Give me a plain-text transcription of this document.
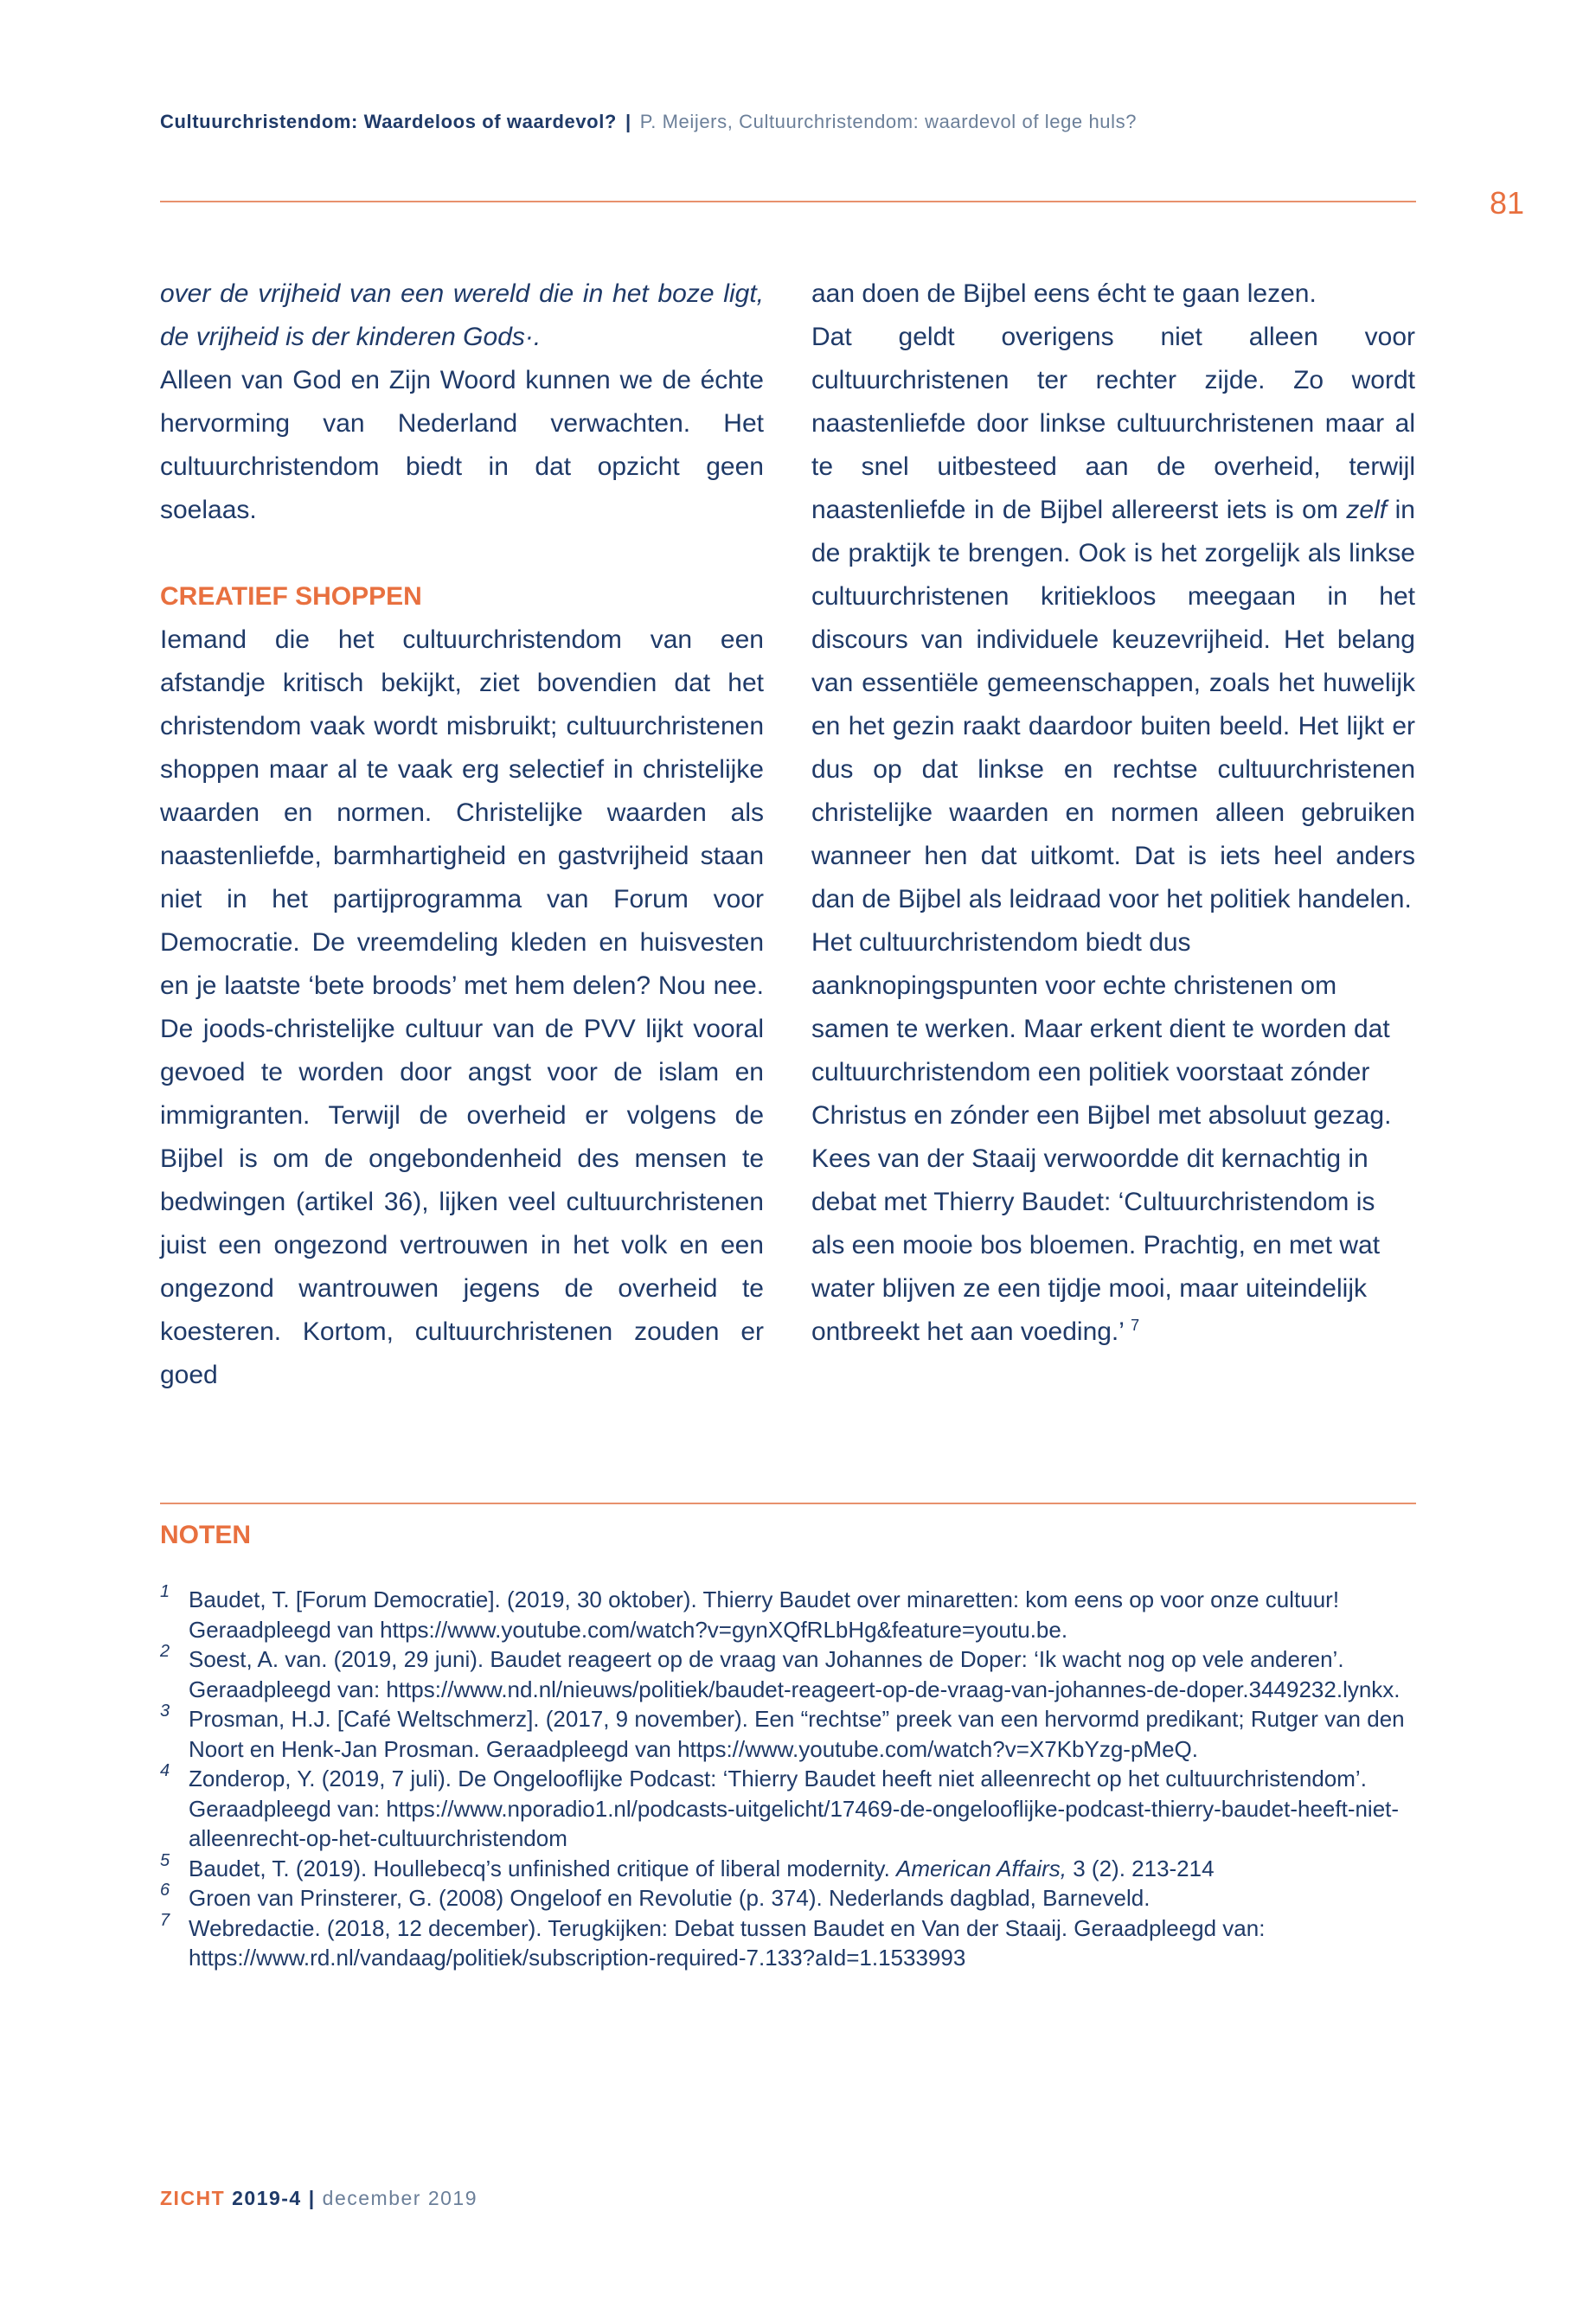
Cultuurchristendom: Waardeloos of waardevol? | P. Meijers, Cultuurchristendom: waardevol of lege huls?
81

over de vrijheid van een wereld die in het boze ligt, de vrijheid is der kinderen Gods·.

Alleen van God en Zijn Woord kunnen we de échte hervorming van Nederland verwachten. Het cultuurchristendom biedt in dat opzicht geen soelaas.

CREATIEF SHOPPEN

Iemand die het cultuurchristendom van een afstandje kritisch bekijkt, ziet bovendien dat het christendom vaak wordt misbruikt; cultuurchristenen shoppen maar al te vaak erg selectief in christelijke waarden en normen. Christelijke waarden als naastenliefde, barmhartigheid en gastvrijheid staan niet in het partijprogramma van Forum voor Democratie. De vreemdeling kleden en huisvesten en je laatste ‘bete broods’ met hem delen? Nou nee. De joods-christelijke cultuur van de PVV lijkt vooral gevoed te worden door angst voor de islam en immigranten. Terwijl de overheid er volgens de Bijbel is om de ongebondenheid des mensen te bedwingen (artikel 36), lijken veel cultuurchristenen juist een ongezond vertrouwen in het volk en een ongezond wantrouwen jegens de overheid te koesteren. Kortom, cultuurchristenen zouden er goed

aan doen de Bijbel eens écht te gaan lezen.

Dat geldt overigens niet alleen voor cultuurchristenen ter rechter zijde. Zo wordt naastenliefde door linkse cultuurchristenen maar al te snel uitbesteed aan de overheid, terwijl naastenliefde in de Bijbel allereerst iets is om zelf in de praktijk te brengen. Ook is het zorgelijk als linkse cultuurchristenen kritiekloos meegaan in het discours van individuele keuzevrijheid. Het belang van essentiële gemeenschappen, zoals het huwelijk en het gezin raakt daardoor buiten beeld. Het lijkt er dus op dat linkse en rechtse cultuurchristenen christelijke waarden en normen alleen gebruiken wanneer hen dat uitkomt. Dat is iets heel anders dan de Bijbel als leidraad voor het politiek handelen.

Het cultuurchristendom biedt dus aanknopingspunten voor echte christenen om samen te werken. Maar erkent dient te worden dat cultuurchristendom een politiek voorstaat zónder Christus en zónder een Bijbel met absoluut gezag. Kees van der Staaij verwoordde dit kernachtig in debat met Thierry Baudet: ‘Cultuurchristendom is als een mooie bos bloemen. Prachtig, en met wat water blijven ze een tijdje mooi, maar uiteindelijk ontbreekt het aan voeding.’ $^7$

NOTEN
1 Baudet, T. [Forum Democratie]. (2019, 30 oktober). Thierry Baudet over minaretten: kom eens op voor onze cultuur! Geraadpleegd van https://www.youtube.com/watch?v=gynXQfRLbHg&feature=youtu.be.
2 Soest, A. van. (2019, 29 juni). Baudet reageert op de vraag van Johannes de Doper: ‘Ik wacht nog op vele anderen’. Geraadpleegd van: https://www.nd.nl/nieuws/politiek/baudet-reageert-op-de-vraag-van-johannes-de-doper.3449232.lynkx.
3 Prosman, H.J. [Café Weltschmerz]. (2017, 9 november). Een “rechtse” preek van een hervormd predikant; Rutger van den Noort en Henk-Jan Prosman. Geraadpleegd van https://www.youtube.com/watch?v=X7KbYzg-pMeQ.
4 Zonderop, Y. (2019, 7 juli). De Ongelooflijke Podcast: ‘Thierry Baudet heeft niet alleenrecht op het cultuurchristendom’. Geraadpleegd van: https://www.nporadio1.nl/podcasts-uitgelicht/17469-de-ongelooflijke-podcast-thierry-baudet-heeft-niet-alleenrecht-op-het-cultuurchristendom
5 Baudet, T. (2019). Houllebecq’s unfinished critique of liberal modernity. American Affairs, 3 (2). 213-214
6 Groen van Prinsterer, G. (2008) Ongeloof en Revolutie (p. 374). Nederlands dagblad, Barneveld.
7 Webredactie. (2018, 12 december). Terugkijken: Debat tussen Baudet en Van der Staaij. Geraadpleegd van: https://www.rd.nl/vandaag/politiek/subscription-required-7.133?aId=1.1533993
ZICHT 2019-4 | december 2019
